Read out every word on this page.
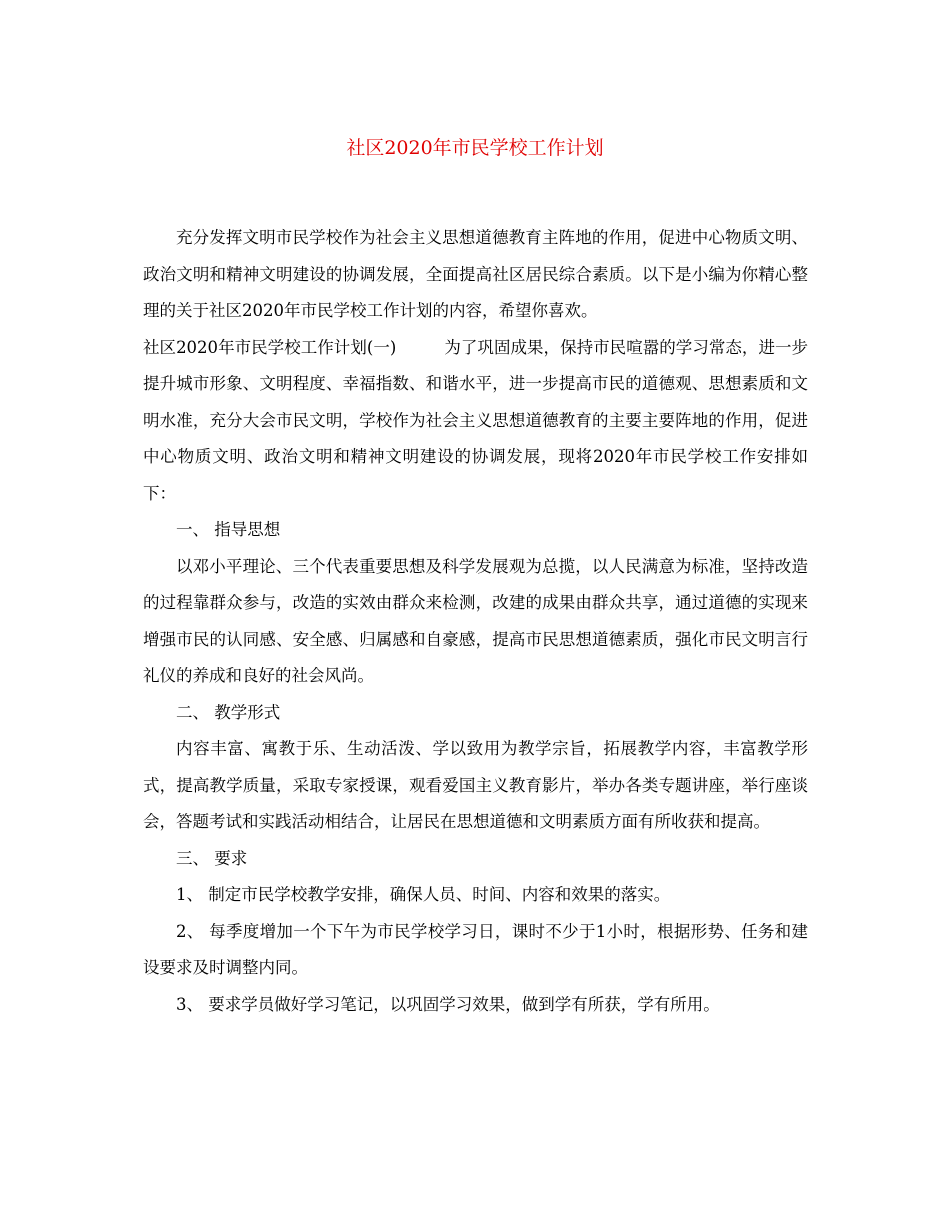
社区2020年市民学校工作计划

充分发挥文明市民学校作为社会主义思想道德教育主阵地的作用，促进中心物质文明、政治文明和精神文明建设的协调发展，全面提高社区居民综合素质。以下是小编为你精心整理的关于社区2020年市民学校工作计划的内容，希望你喜欢。

社区2020年市民学校工作计划(一)	为了巩固成果，保持市民喧嚣的学习常态，进一步提升城市形象、文明程度、幸福指数、和谐水平，进一步提高市民的道德观、思想素质和文明水准，充分大会市民文明，学校作为社会主义思想道德教育的主要主要阵地的作用，促进中心物质文明、政治文明和精神文明建设的协调发展，现将2020年市民学校工作安排如下：

一、 指导思想

以邓小平理论、三个代表重要思想及科学发展观为总揽，以人民满意为标准，坚持改造的过程靠群众参与，改造的实效由群众来检测，改建的成果由群众共享，通过道德的实现来增强市民的认同感、安全感、归属感和自豪感，提高市民思想道德素质，强化市民文明言行礼仪的养成和良好的社会风尚。

二、 教学形式

内容丰富、寓教于乐、生动活泼、学以致用为教学宗旨，拓展教学内容，丰富教学形式，提高教学质量，采取专家授课，观看爱国主义教育影片，举办各类专题讲座，举行座谈会，答题考试和实践活动相结合，让居民在思想道德和文明素质方面有所收获和提高。

三、 要求

1、 制定市民学校教学安排，确保人员、时间、内容和效果的落实。

2、 每季度增加一个下午为市民学校学习日，课时不少于1小时，根据形势、任务和建设要求及时调整内同。

3、 要求学员做好学习笔记，以巩固学习效果，做到学有所获，学有所用。
